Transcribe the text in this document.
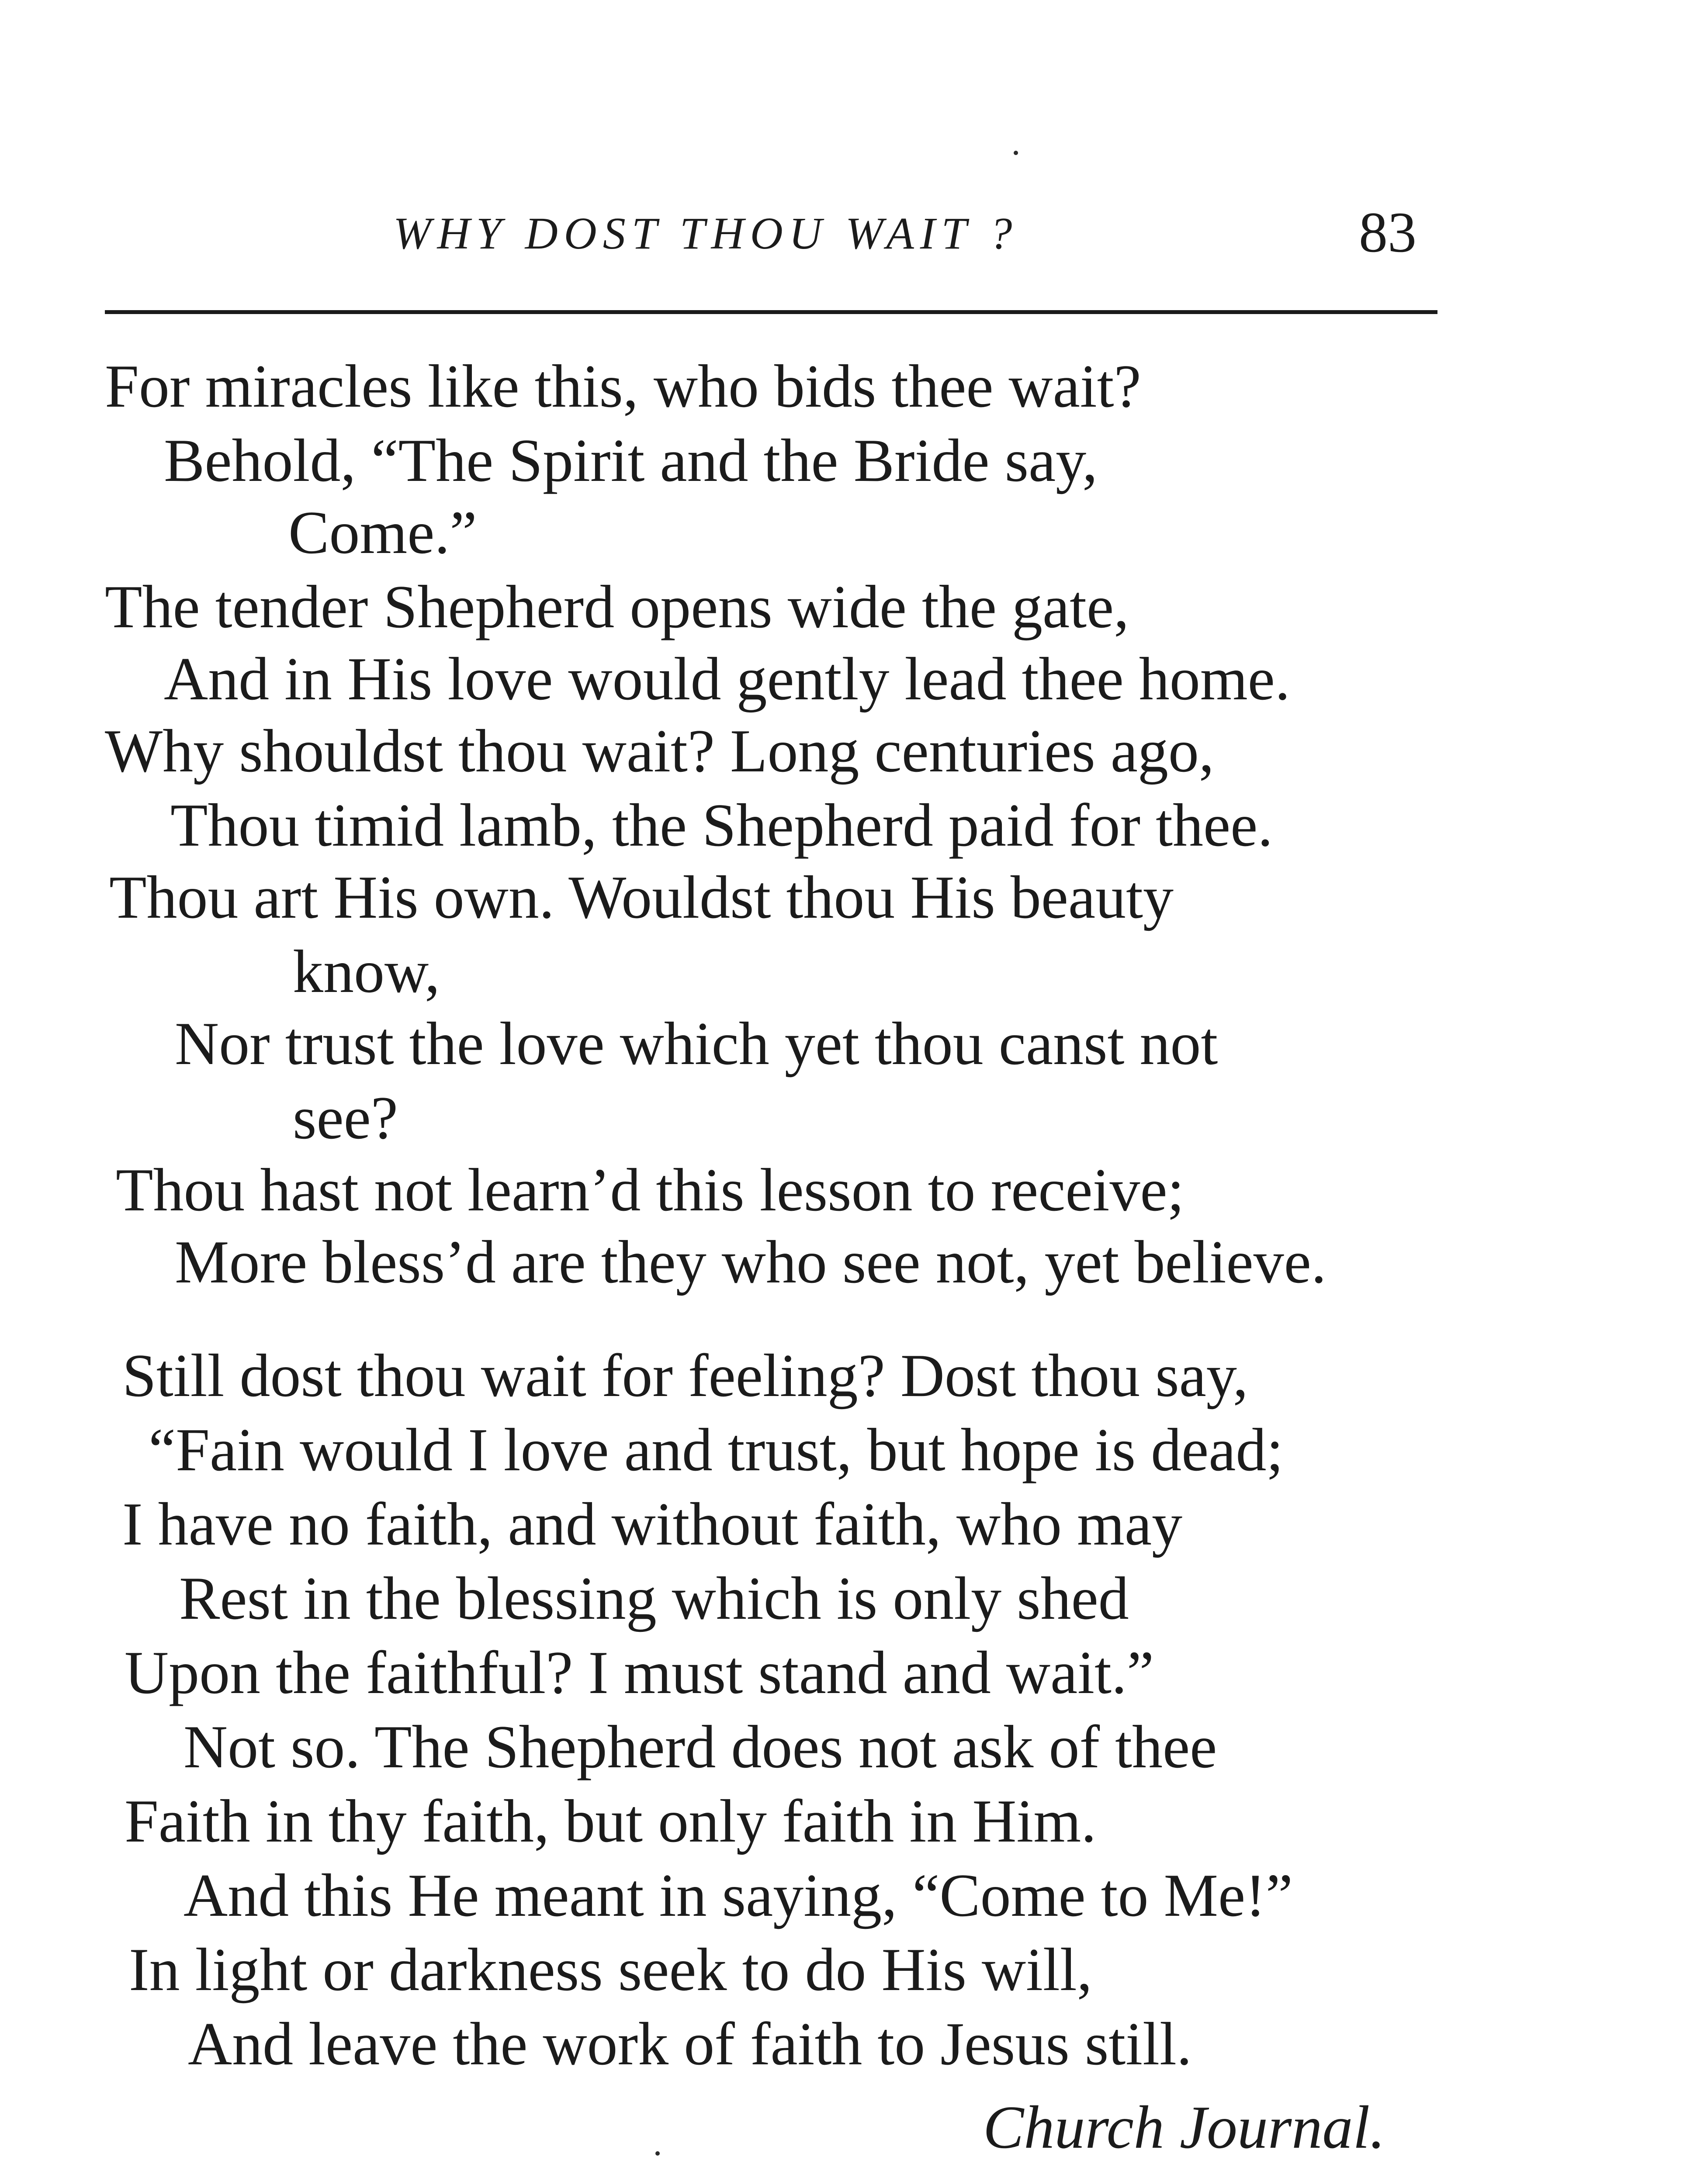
WHY DOST THOU WAIT ?	83
For miracles like this, who bids thee wait?
Behold, “The Spirit and the Bride say,
Come.”
The tender Shepherd opens wide the gate,
And in His love would gently lead thee home.
Why shouldst thou wait? Long centuries ago,
Thou timid lamb, the Shepherd paid for thee.
Thou art His own. Wouldst thou His beauty
know,
Nor trust the love which yet thou canst not
see?
Thou hast not learn’d this lesson to receive;
More bless’d are they who see not, yet believe.
Still dost thou wait for feeling? Dost thou say,
“Fain would I love and trust, but hope is dead;
I have no faith, and without faith, who may
Rest in the blessing which is only shed
Upon the faithful? I must stand and wait.”
Not so. The Shepherd does not ask of thee
Faith in thy faith, but only faith in Him.
And this He meant in saying, “Come to Me!”
In light or darkness seek to do His will,
And leave the work of faith to Jesus still.
Church Journal.
